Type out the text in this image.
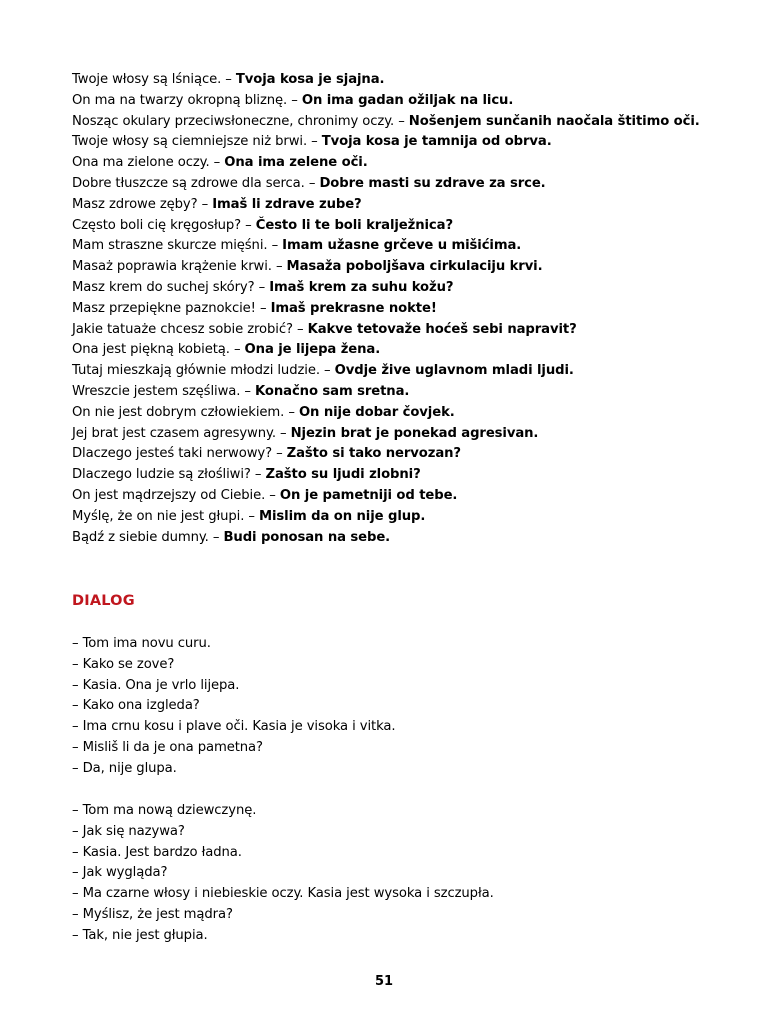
Twoje włosy są lśniące. – Tvoja kosa je sjajna.
On ma na twarzy okropną bliznę. – On ima gadan ožiljak na licu.
Nosząc okulary przeciwsłoneczne, chronimy oczy. – Nošenjem sunčanih naočala štitimo oči.
Twoje włosy są ciemniejsze niż brwi. – Tvoja kosa je tamnija od obrva.
Ona ma zielone oczy. – Ona ima zelene oči.
Dobre tłuszcze są zdrowe dla serca. – Dobre masti su zdrave za srce.
Masz zdrowe zęby? – Imaš li zdrave zube?
Często boli cię kręgosłup? – Često li te boli kralježnica?
Mam straszne skurcze mięśni. – Imam užasne grčeve u mišićima.
Masaż poprawia krążenie krwi. – Masaža poboljšava cirkulaciju krvi.
Masz krem do suchej skóry? – Imaš krem za suhu kožu?
Masz przepiękne paznokcie! – Imaš prekrasne nokte!
Jakie tatuaże chcesz sobie zrobić? – Kakve tetovaže hoćeš sebi napravit?
Ona jest piękną kobietą. – Ona je lijepa žena.
Tutaj mieszkają głównie młodzi ludzie. – Ovdje žive uglavnom mladi ljudi.
Wreszcie jestem szęśliwa. – Konačno sam sretna.
On nie jest dobrym człowiekiem. – On nije dobar čovjek.
Jej brat jest czasem agresywny. – Njezin brat je ponekad agresivan.
Dlaczego jesteś taki nerwowy? – Zašto si tako nervozan?
Dlaczego ludzie są złośliwi? – Zašto su ljudi zlobni?
On jest mądrzejszy od Ciebie. – On je pametniji od tebe.
Myślę, że on nie jest głupi. – Mislim da on nije glup.
Bądź z siebie dumny. – Budi ponosan na sebe.
DIALOG
– Tom ima novu curu.
– Kako se zove?
– Kasia. Ona je vrlo lijepa.
– Kako ona izgleda?
– Ima crnu kosu i plave oči. Kasia je visoka i vitka.
– Misliš li da je ona pametna?
– Da, nije glupa.
– Tom ma nową dziewczynę.
– Jak się nazywa?
– Kasia. Jest bardzo ładna.
– Jak wygląda?
– Ma czarne włosy i niebieskie oczy. Kasia jest wysoka i szczupła.
– Myślisz, że jest mądra?
– Tak, nie jest głupia.
51
